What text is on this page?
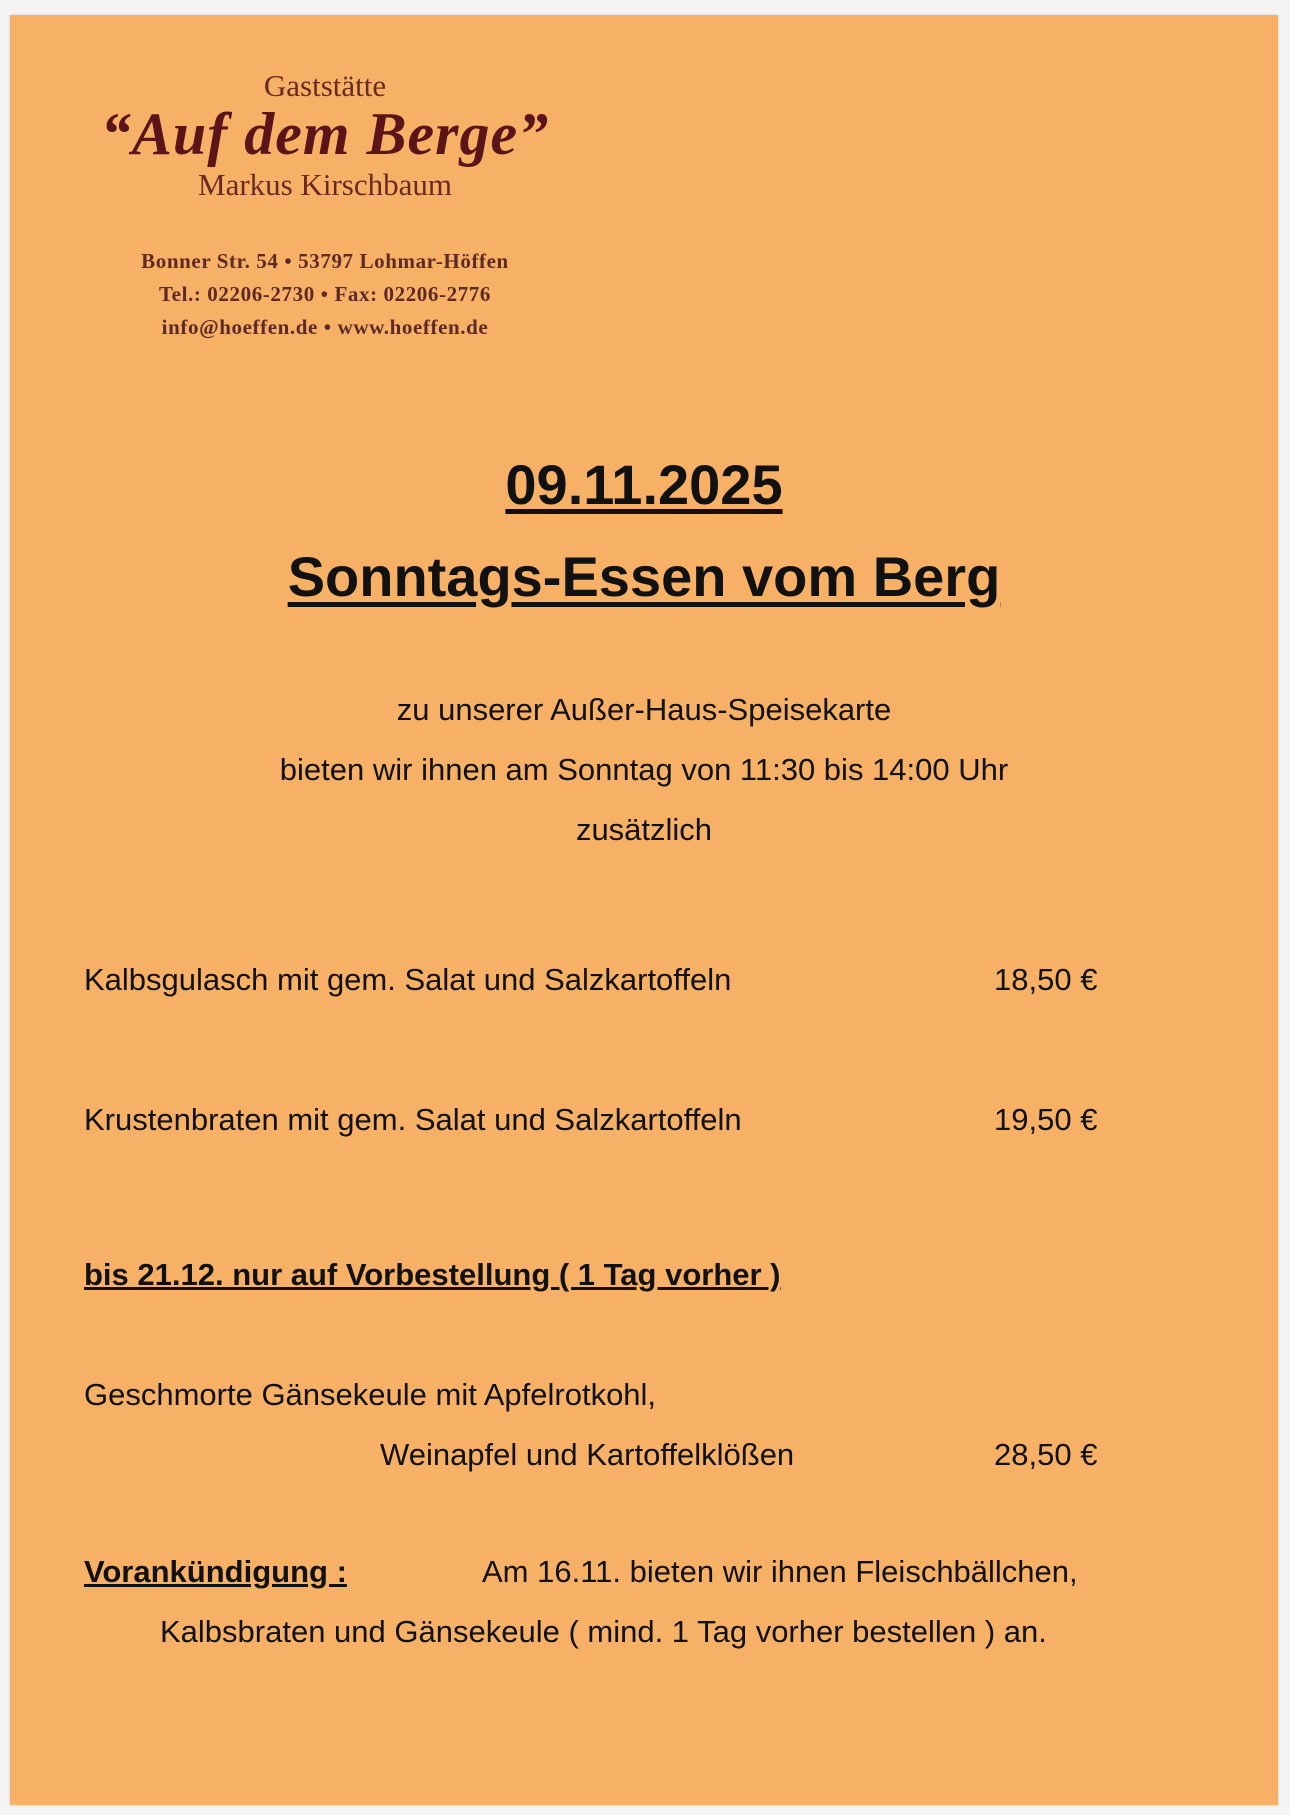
Gaststätte
“Auf dem Berge”
Markus Kirschbaum
Bonner Str. 54 • 53797 Lohmar-Höffen
Tel.: 02206-2730 • Fax: 02206-2776
info@hoeffen.de • www.hoeffen.de
09.11.2025
Sonntags-Essen vom Berg
zu unserer Außer-Haus-Speisekarte
bieten wir ihnen am Sonntag von 11:30 bis 14:00 Uhr
zusätzlich
Kalbsgulasch mit gem. Salat und Salzkartoffeln	18,50 €
Krustenbraten mit gem. Salat und Salzkartoffeln	19,50 €
bis 21.12. nur auf Vorbestellung ( 1 Tag vorher )
Geschmorte Gänsekeule mit Apfelrotkohl,
Weinapfel und Kartoffelklößen	28,50 €
Vorankündigung :	Am 16.11. bieten wir ihnen Fleischbällchen,
Kalbsbraten und Gänsekeule ( mind. 1 Tag vorher bestellen ) an.
